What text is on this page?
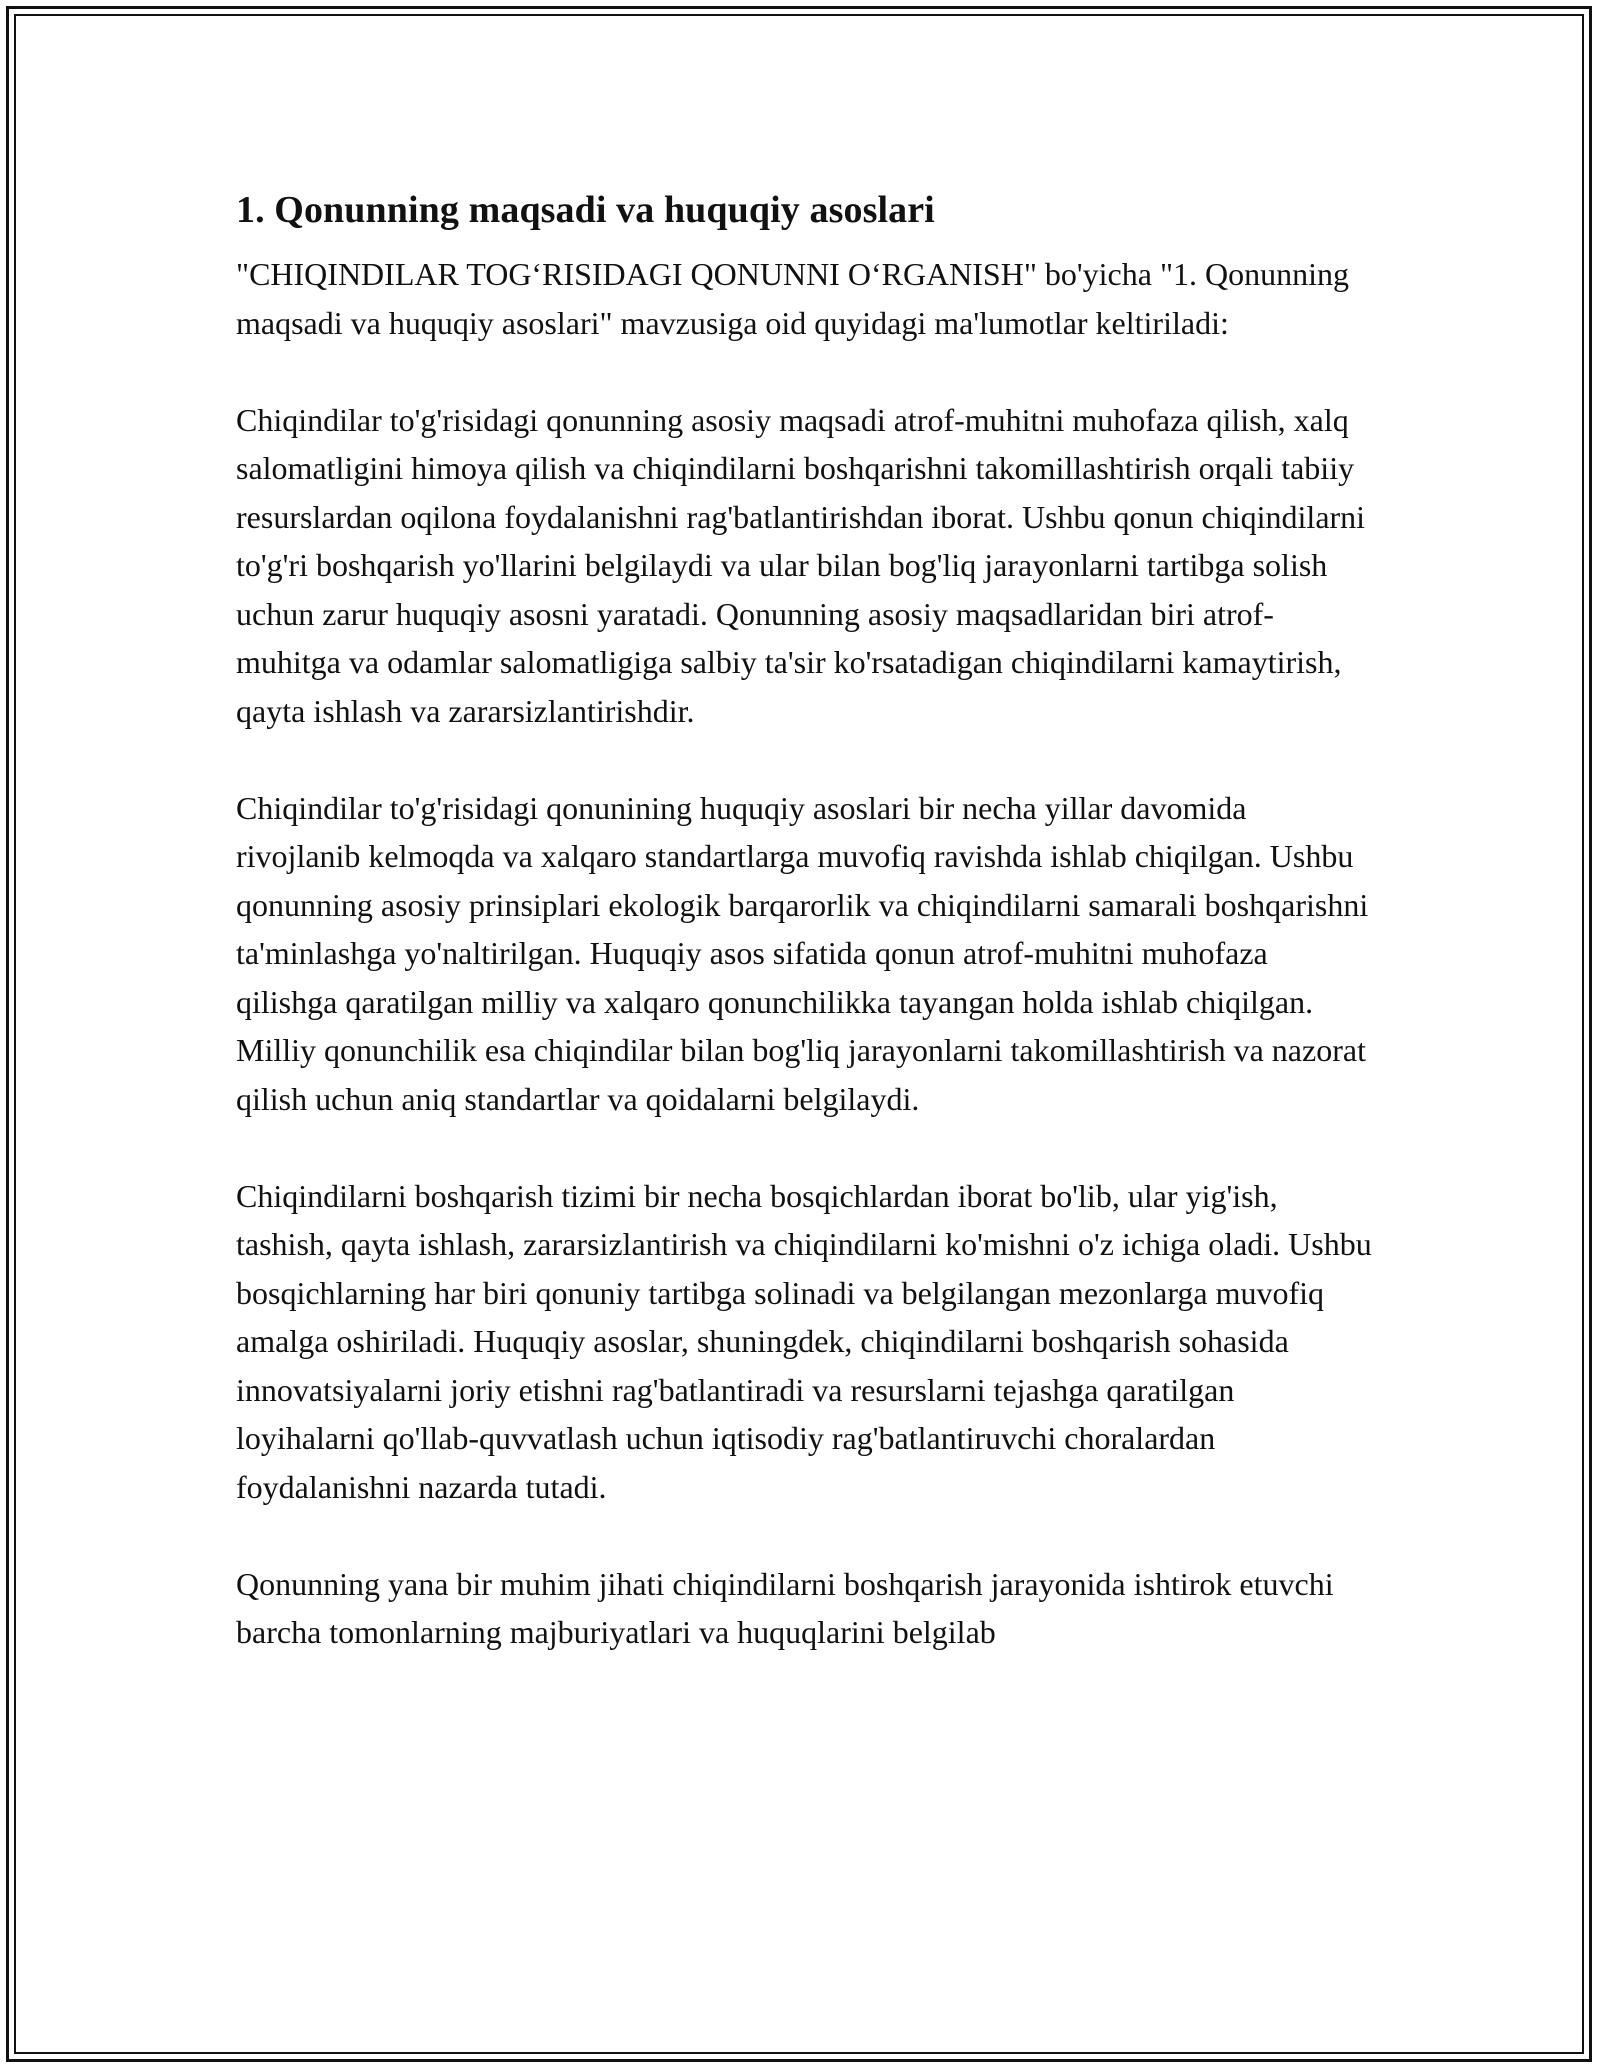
1. Qonunning maqsadi va huquqiy asoslari

"CHIQINDILAR TOG‘RISIDAGI QONUNNI O‘RGANISH" bo'yicha "1. Qonunning maqsadi va huquqiy asoslari" mavzusiga oid quyidagi ma'lumotlar keltiriladi:

Chiqindilar to'g'risidagi qonunning asosiy maqsadi atrof-muhitni muhofaza qilish, xalq salomatligini himoya qilish va chiqindilarni boshqarishni takomillashtirish orqali tabiiy resurslardan oqilona foydalanishni rag'batlantirishdan iborat. Ushbu qonun chiqindilarni to'g'ri boshqarish yo'llarini belgilaydi va ular bilan bog'liq jarayonlarni tartibga solish uchun zarur huquqiy asosni yaratadi. Qonunning asosiy maqsadlaridan biri atrof-muhitga va odamlar salomatligiga salbiy ta'sir ko'rsatadigan chiqindilarni kamaytirish, qayta ishlash va zararsizlantirishdir.

Chiqindilar to'g'risidagi qonunining huquqiy asoslari bir necha yillar davomida rivojlanib kelmoqda va xalqaro standartlarga muvofiq ravishda ishlab chiqilgan. Ushbu qonunning asosiy prinsiplari ekologik barqarorlik va chiqindilarni samarali boshqarishni ta'minlashga yo'naltirilgan. Huquqiy asos sifatida qonun atrof-muhitni muhofaza qilishga qaratilgan milliy va xalqaro qonunchilikka tayangan holda ishlab chiqilgan. Milliy qonunchilik esa chiqindilar bilan bog'liq jarayonlarni takomillashtirish va nazorat qilish uchun aniq standartlar va qoidalarni belgilaydi.

Chiqindilarni boshqarish tizimi bir necha bosqichlardan iborat bo'lib, ular yig'ish, tashish, qayta ishlash, zararsizlantirish va chiqindilarni ko'mishni o'z ichiga oladi. Ushbu bosqichlarning har biri qonuniy tartibga solinadi va belgilangan mezonlarga muvofiq amalga oshiriladi. Huquqiy asoslar, shuningdek, chiqindilarni boshqarish sohasida innovatsiyalarni joriy etishni rag'batlantiradi va resurslarni tejashga qaratilgan loyihalarni qo'llab-quvvatlash uchun iqtisodiy rag'batlantiruvchi choralardan foydalanishni nazarda tutadi.

Qonunning yana bir muhim jihati chiqindilarni boshqarish jarayonida ishtirok etuvchi barcha tomonlarning majburiyatlari va huquqlarini belgilab
